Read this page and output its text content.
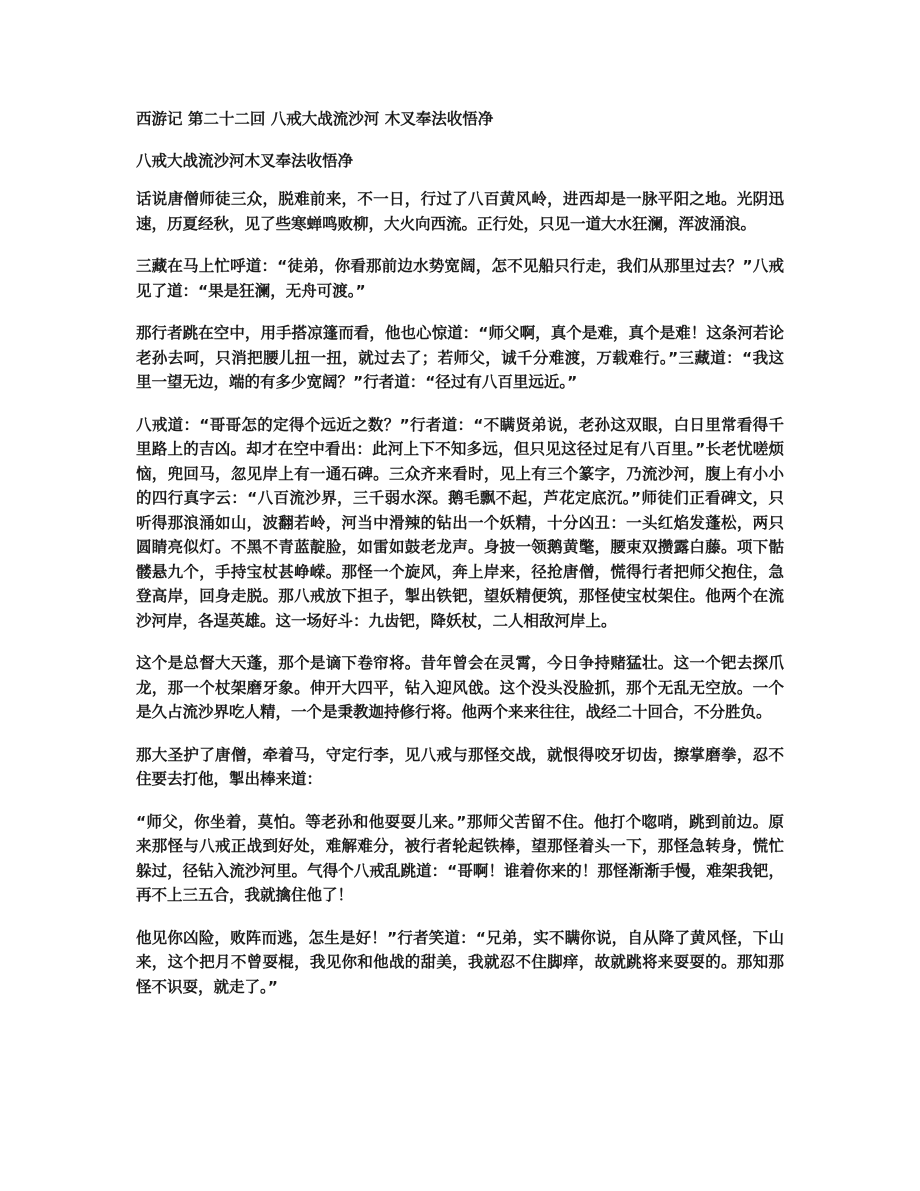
西游记 第二十二回 八戒大战流沙河 木叉奉法收悟净
八戒大战流沙河木叉奉法收悟净

话说唐僧师徒三众，脱难前来，不一日，行过了八百黄风岭，进西却是一脉平阳之地。光阴迅速，历夏经秋，见了些寒蝉鸣败柳，大火向西流。正行处，只见一道大水狂澜，浑波涌浪。

三藏在马上忙呼道：“徒弟，你看那前边水势宽阔，怎不见船只行走，我们从那里过去？”八戒见了道：“果是狂澜，无舟可渡。”

那行者跳在空中，用手搭凉篷而看，他也心惊道：“师父啊，真个是难，真个是难！这条河若论老孙去呵，只消把腰儿扭一扭，就过去了；若师父，诚千分难渡，万载难行。”三藏道：“我这里一望无边，端的有多少宽阔？”行者道：“径过有八百里远近。”

八戒道：“哥哥怎的定得个远近之数？”行者道：“不瞒贤弟说，老孙这双眼，白日里常看得千里路上的吉凶。却才在空中看出：此河上下不知多远，但只见这径过足有八百里。”长老忧嗟烦恼，兜回马，忽见岸上有一通石碑。三众齐来看时，见上有三个篆字，乃流沙河，腹上有小小的四行真字云：“八百流沙界，三千弱水深。鹅毛飘不起，芦花定底沉。”师徒们正看碑文，只听得那浪涌如山，波翻若岭，河当中滑辣的钻出一个妖精，十分凶丑：一头红焰发蓬松，两只圆睛亮似灯。不黑不青蓝靛脸，如雷如鼓老龙声。身披一领鹅黄氅，腰束双攒露白藤。项下骷髅悬九个，手持宝杖甚峥嵘。那怪一个旋风，奔上岸来，径抢唐僧，慌得行者把师父抱住，急登高岸，回身走脱。那八戒放下担子，掣出铁钯，望妖精便筑，那怪使宝杖架住。他两个在流沙河岸，各逞英雄。这一场好斗：九齿钯，降妖杖，二人相敌河岸上。

这个是总督大天蓬，那个是谪下卷帘将。昔年曾会在灵霄，今日争持赌猛壮。这一个钯去探爪龙，那一个杖架磨牙象。伸开大四平，钻入迎风戗。这个没头没脸抓，那个无乱无空放。一个是久占流沙界吃人精，一个是秉教迦持修行将。他两个来来往往，战经二十回合，不分胜负。

那大圣护了唐僧，牵着马，守定行李，见八戒与那怪交战，就恨得咬牙切齿，擦掌磨拳，忍不住要去打他，掣出棒来道：

“师父，你坐着，莫怕。等老孙和他耍耍儿来。”那师父苦留不住。他打个唿哨，跳到前边。原来那怪与八戒正战到好处，难解难分，被行者轮起铁棒，望那怪着头一下，那怪急转身，慌忙躲过，径钻入流沙河里。气得个八戒乱跳道：“哥啊！谁着你来的！那怪渐渐手慢，难架我钯，再不上三五合，我就擒住他了！

他见你凶险，败阵而逃，怎生是好！”行者笑道：“兄弟，实不瞒你说，自从降了黄风怪，下山来，这个把月不曾耍棍，我见你和他战的甜美，我就忍不住脚痒，故就跳将来耍耍的。那知那怪不识耍，就走了。”
